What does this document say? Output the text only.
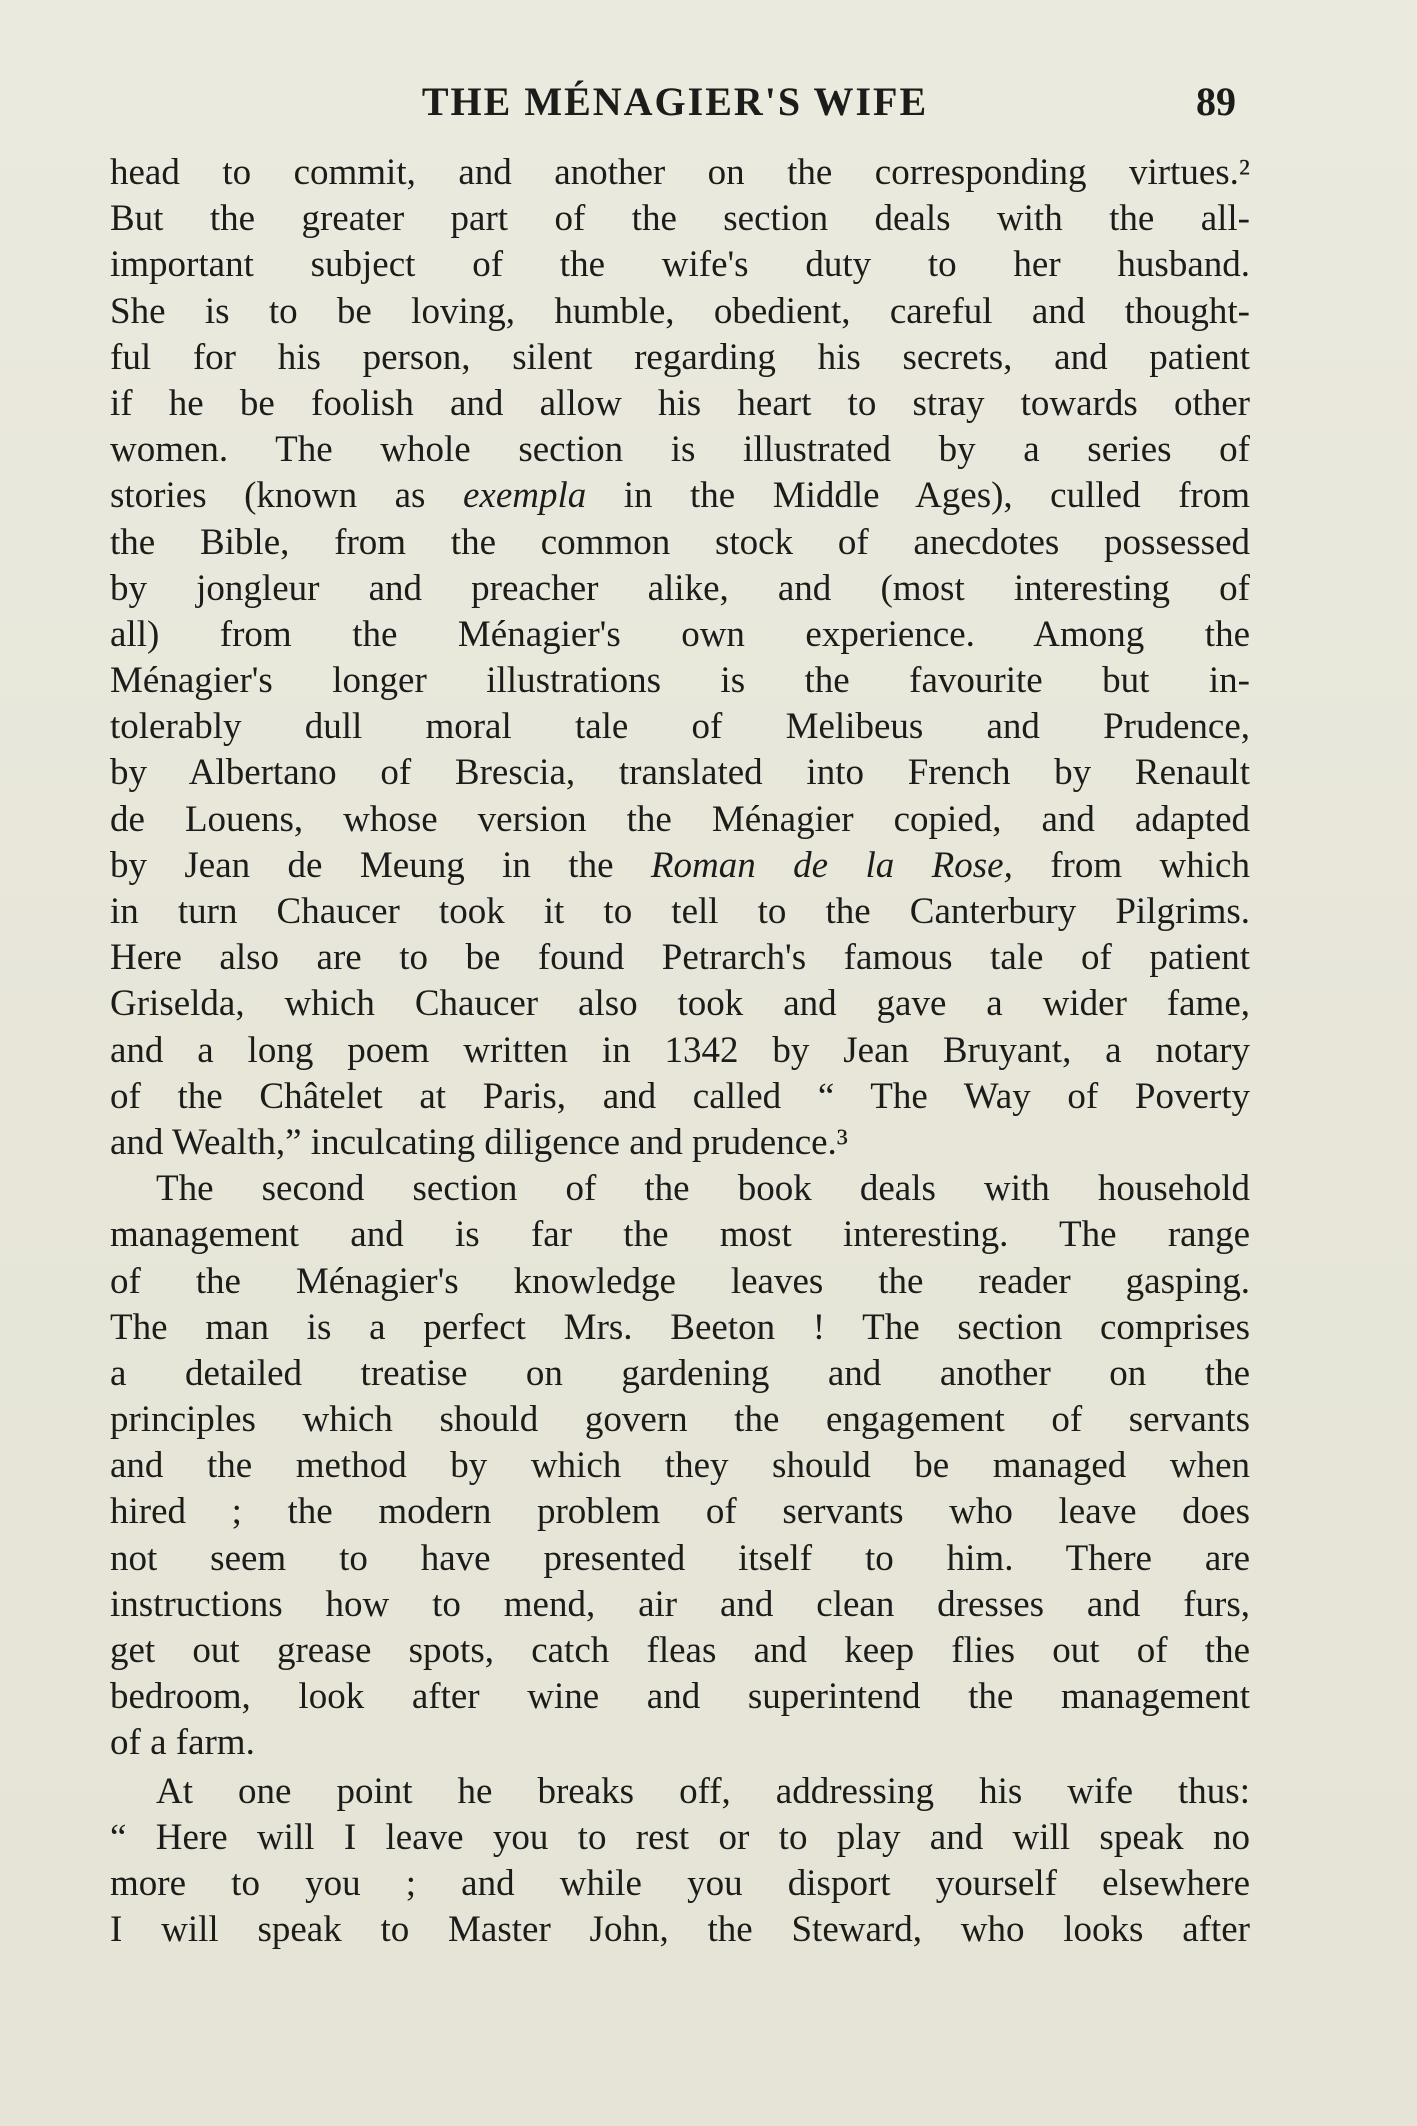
THE MÉNAGIER'S WIFE	89
head to commit, and another on the corresponding virtues.²
But the greater part of the section deals with the all-
important subject of the wife's duty to her husband.
She is to be loving, humble, obedient, careful and thought-
ful for his person, silent regarding his secrets, and patient
if he be foolish and allow his heart to stray towards other
women. The whole section is illustrated by a series of
stories (known as exempla in the Middle Ages), culled from
the Bible, from the common stock of anecdotes possessed
by jongleur and preacher alike, and (most interesting of
all) from the Ménagier's own experience. Among the
Ménagier's longer illustrations is the favourite but in-
tolerably dull moral tale of Melibeus and Prudence,
by Albertano of Brescia, translated into French by Renault
de Louens, whose version the Ménagier copied, and adapted
by Jean de Meung in the Roman de la Rose, from which
in turn Chaucer took it to tell to the Canterbury Pilgrims.
Here also are to be found Petrarch's famous tale of patient
Griselda, which Chaucer also took and gave a wider fame,
and a long poem written in 1342 by Jean Bruyant, a notary
of the Châtelet at Paris, and called “ The Way of Poverty
and Wealth,” inculcating diligence and prudence.³
The second section of the book deals with household
management and is far the most interesting. The range
of the Ménagier's knowledge leaves the reader gasping.
The man is a perfect Mrs. Beeton ! The section comprises
a detailed treatise on gardening and another on the
principles which should govern the engagement of servants
and the method by which they should be managed when
hired ; the modern problem of servants who leave does
not seem to have presented itself to him. There are
instructions how to mend, air and clean dresses and furs,
get out grease spots, catch fleas and keep flies out of the
bedroom, look after wine and superintend the management
of a farm.
At one point he breaks off, addressing his wife thus:
“ Here will I leave you to rest or to play and will speak no
more to you ; and while you disport yourself elsewhere
I will speak to Master John, the Steward, who looks after
